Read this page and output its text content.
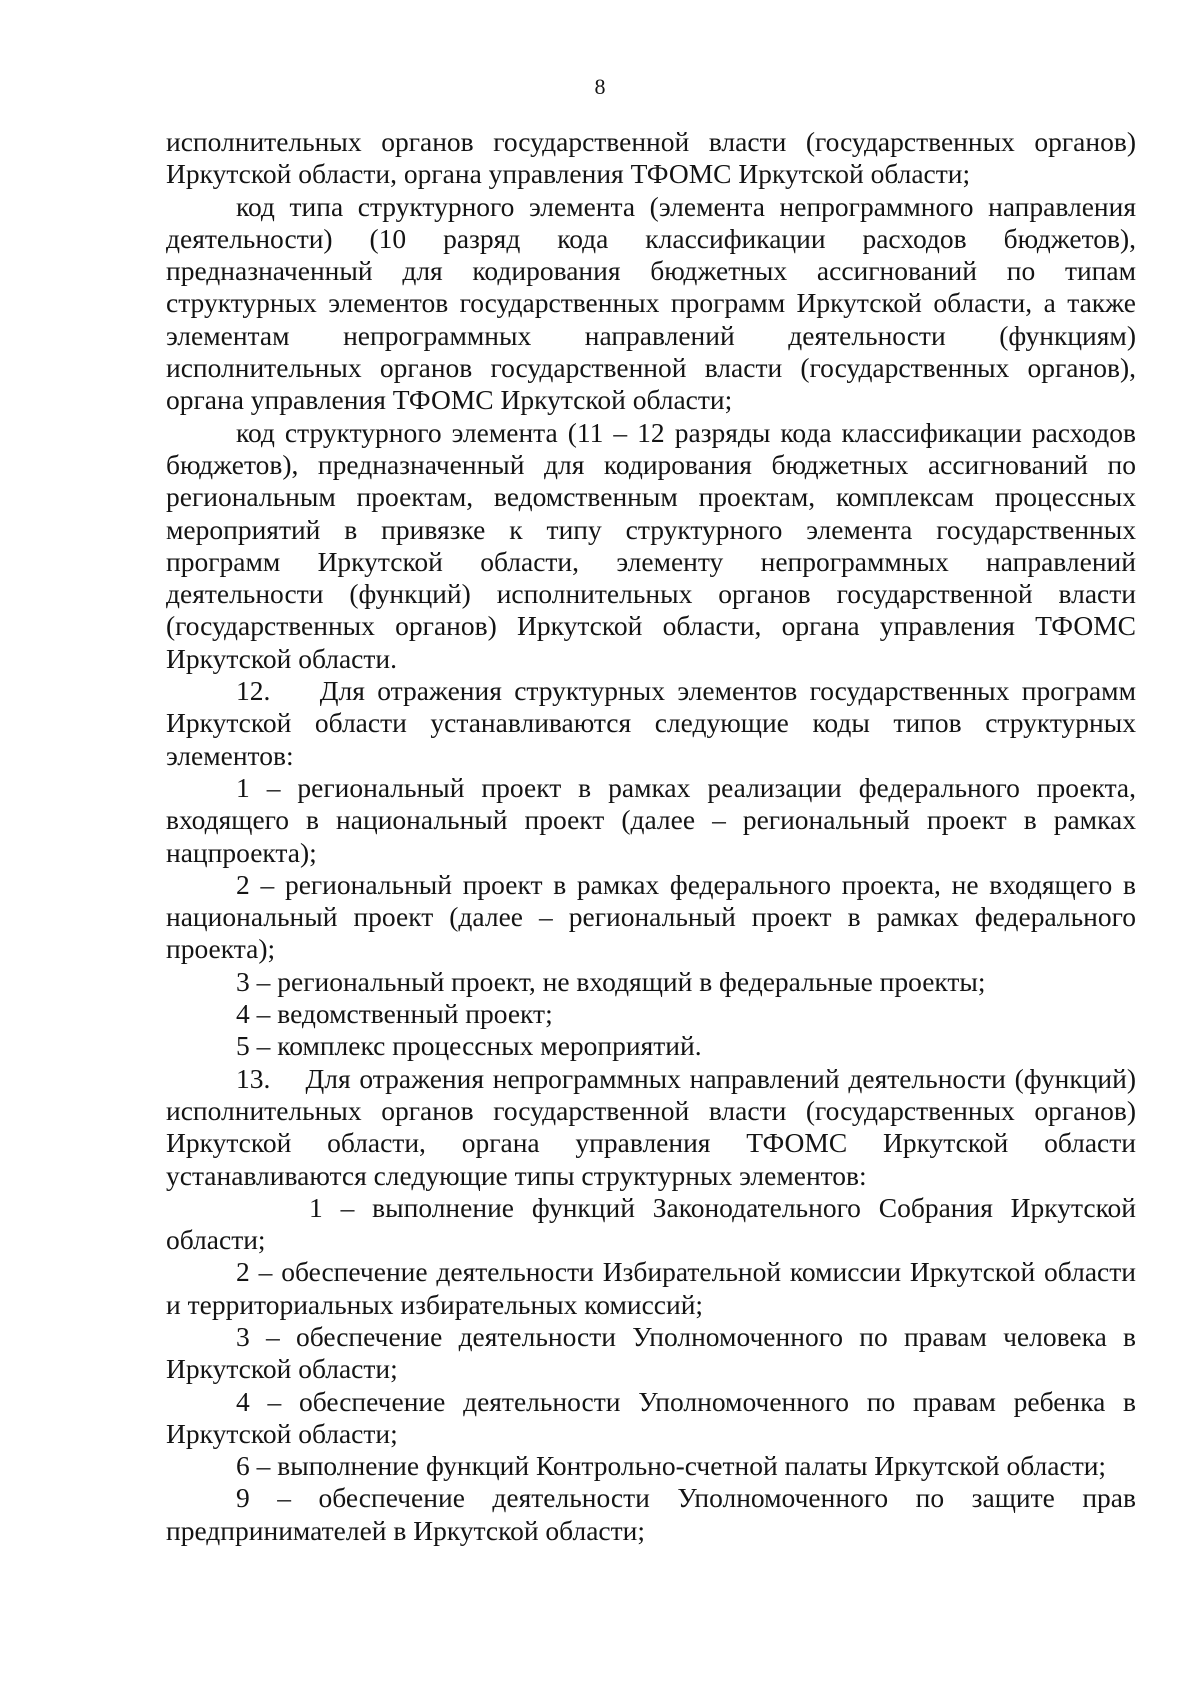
8

исполнительных органов государственной власти (государственных органов) Иркутской области, органа управления ТФОМС Иркутской области;

код типа структурного элемента (элемента непрограммного направления деятельности) (10 разряд кода классификации расходов бюджетов), предназначенный для кодирования бюджетных ассигнований по типам структурных элементов государственных программ Иркутской области, а также элементам непрограммных направлений деятельности (функциям) исполнительных органов государственной власти (государственных органов), органа управления ТФОМС Иркутской области;

код структурного элемента (11 – 12 разряды кода классификации расходов бюджетов), предназначенный для кодирования бюджетных ассигнований по региональным проектам, ведомственным проектам, комплексам процессных мероприятий в привязке к типу структурного элемента государственных программ Иркутской области, элементу непрограммных направлений деятельности (функций) исполнительных органов государственной власти (государственных органов) Иркутской области, органа управления ТФОМС Иркутской области.

12.    Для отражения структурных элементов государственных программ Иркутской области устанавливаются следующие коды типов структурных элементов:

1 – региональный проект в рамках реализации федерального проекта, входящего в национальный проект (далее – региональный проект в рамках нацпроекта);

2 – региональный проект в рамках федерального проекта, не входящего в национальный проект (далее – региональный проект в рамках федерального проекта);

3 – региональный проект, не входящий в федеральные проекты;

4 – ведомственный проект;

5 – комплекс процессных мероприятий.

13.    Для отражения непрограммных направлений деятельности (функций) исполнительных органов государственной власти (государственных органов) Иркутской области, органа управления ТФОМС Иркутской области устанавливаются следующие типы структурных элементов:

1 – выполнение функций Законодательного Собрания Иркутской области;

2 – обеспечение деятельности Избирательной комиссии Иркутской области и территориальных избирательных комиссий;

3 – обеспечение деятельности Уполномоченного по правам человека в Иркутской области;

4 – обеспечение деятельности Уполномоченного по правам ребенка в Иркутской области;

6 – выполнение функций Контрольно-счетной палаты Иркутской области;

9 – обеспечение деятельности Уполномоченного по защите прав предпринимателей в Иркутской области;
